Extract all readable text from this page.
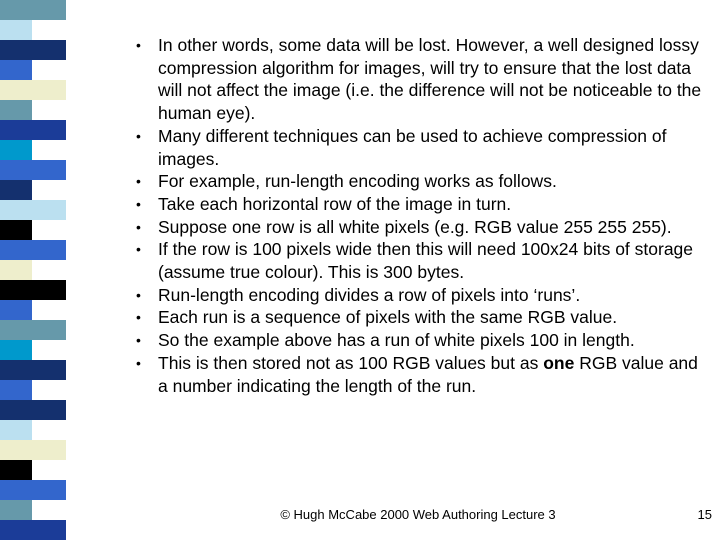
• In other words, some data will be lost. However, a well designed lossy compression algorithm for images, will try to ensure that the lost data will not affect the image (i.e. the difference will not be noticeable to the human eye).
• Many different techniques can be used to achieve compression of images.
• For example, run-length encoding works as follows.
• Take each horizontal row of the image in turn.
• Suppose one row is all white pixels (e.g. RGB value 255 255 255).
• If the row is 100 pixels wide then this will need 100x24 bits of storage (assume true colour). This is 300 bytes.
• Run-length encoding divides a row of pixels into ‘runs’.
• Each run is a sequence of pixels with the same RGB value.
• So the example above has a run of white pixels 100 in length.
• This is then stored not as 100 RGB values but as one RGB value and a number indicating the length of the run.
© Hugh McCabe 2000 Web Authoring Lecture 3	15
